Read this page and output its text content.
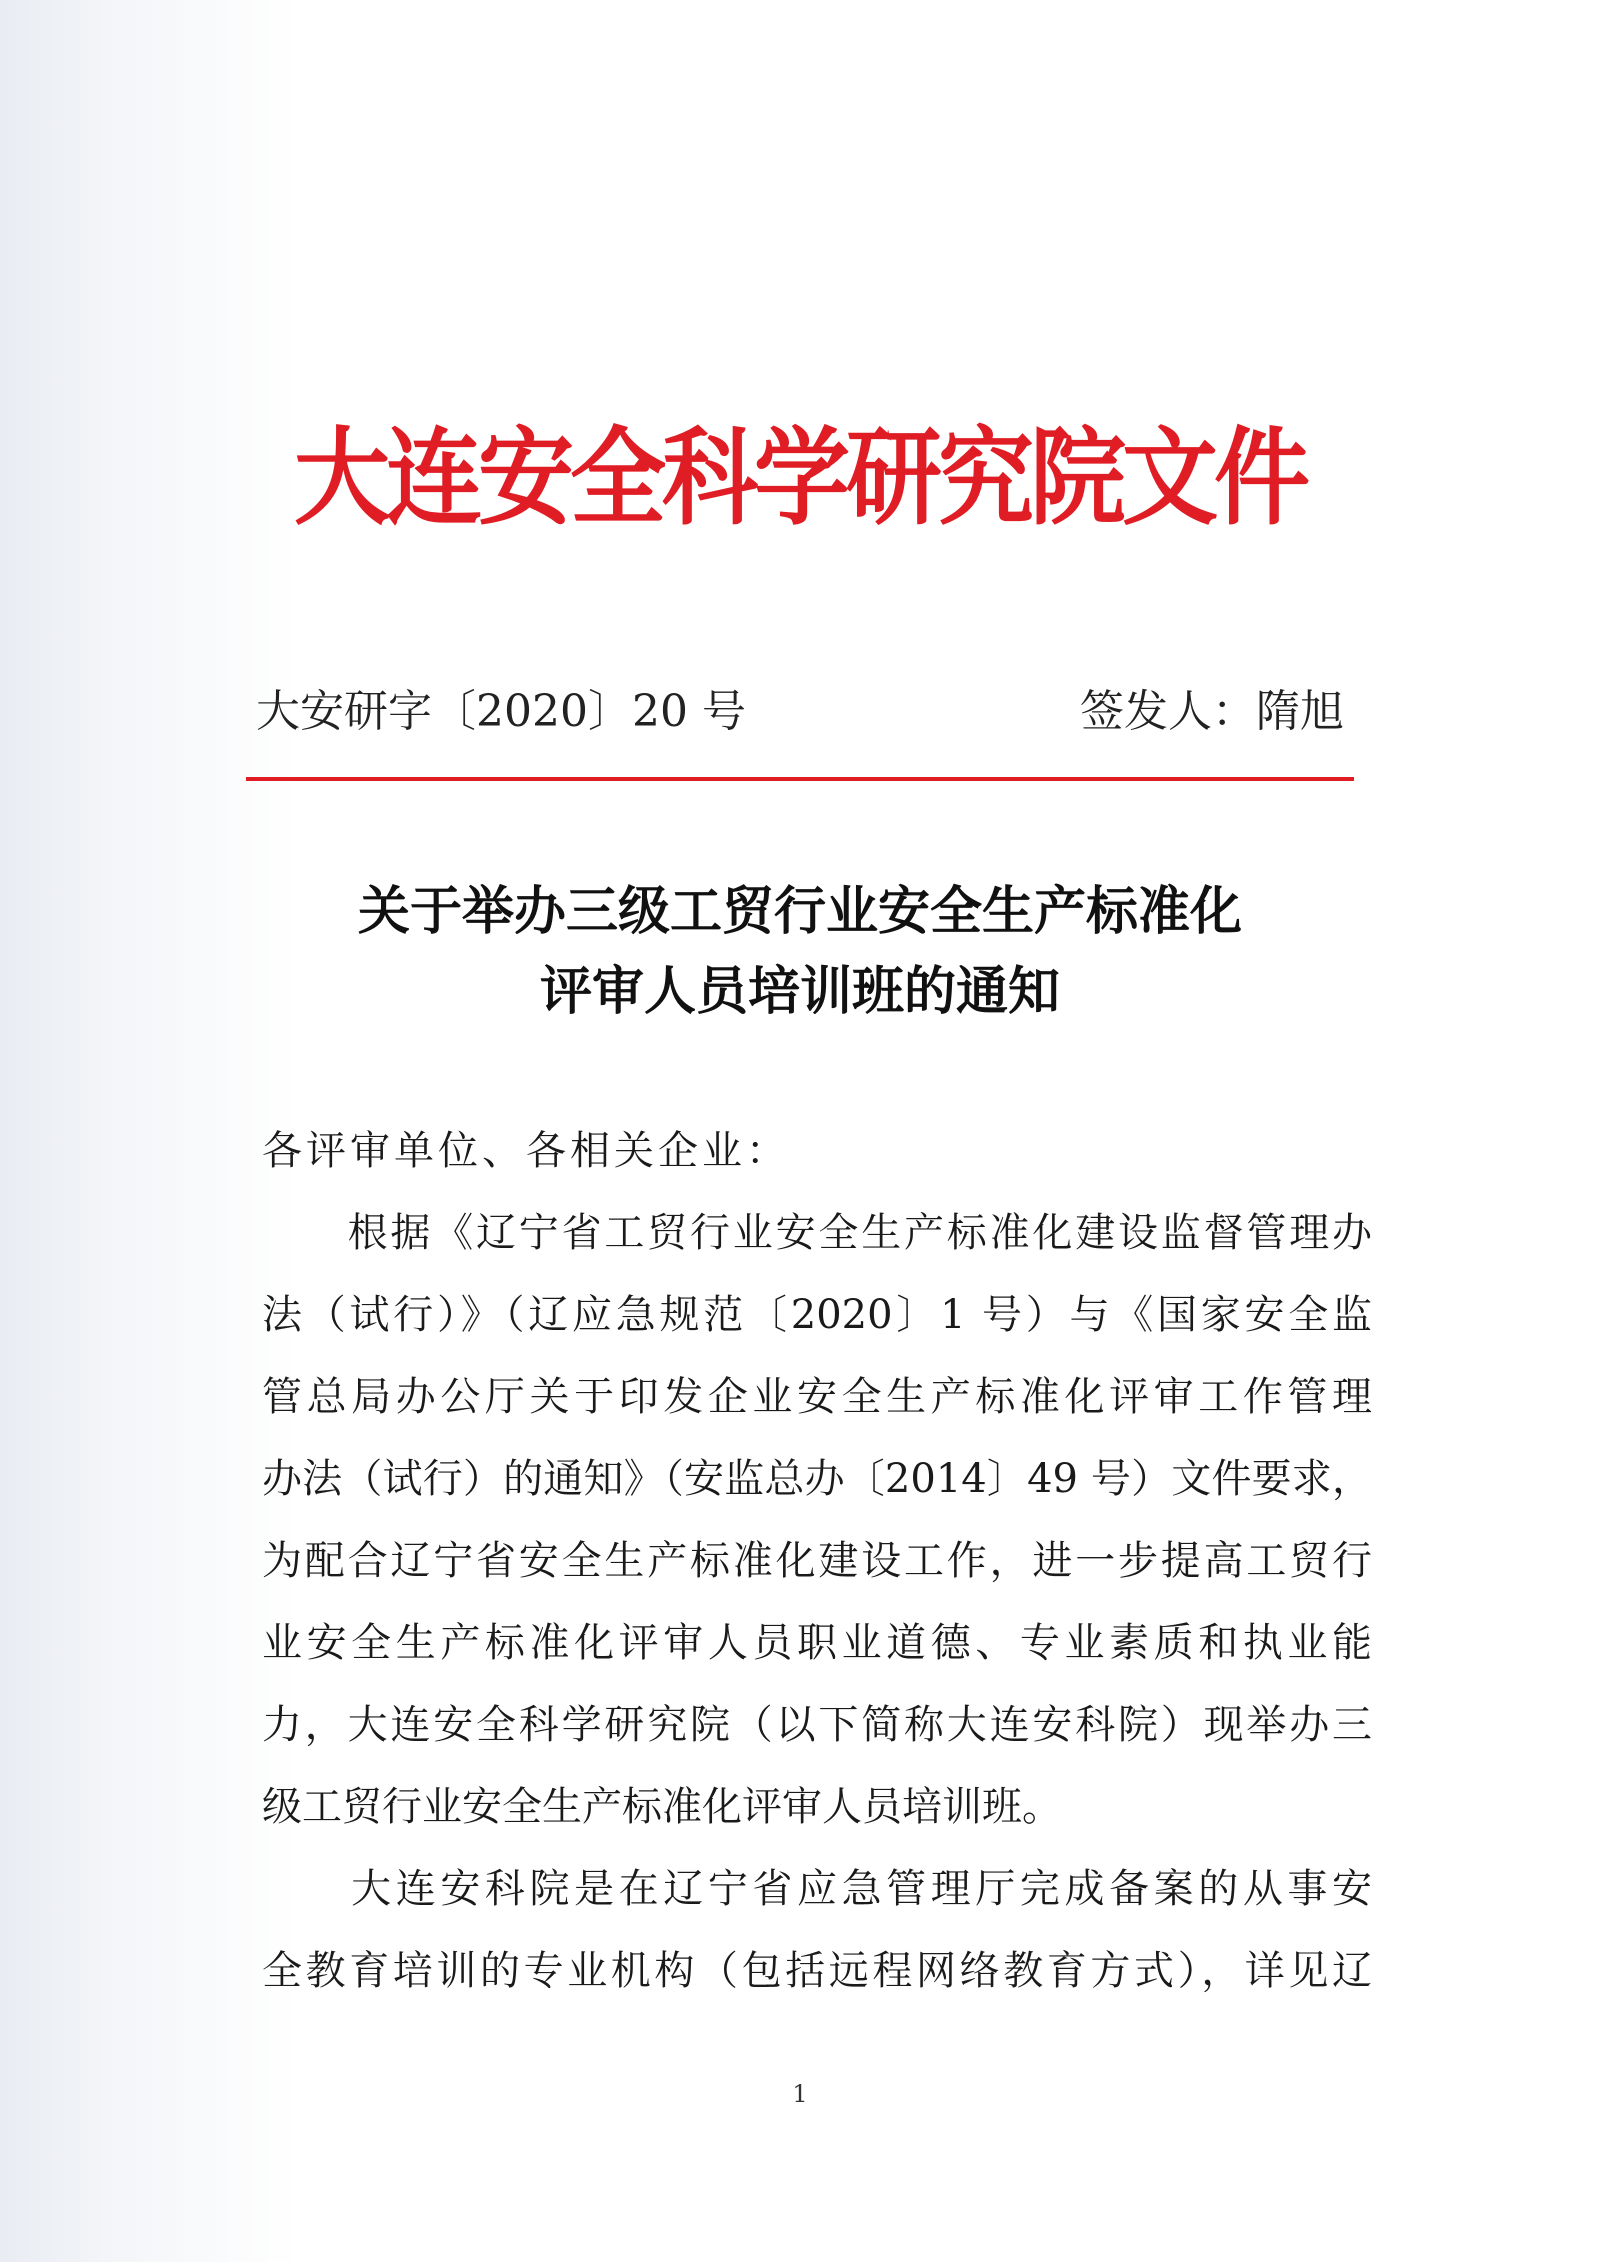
大连安全科学研究院文件
大安研字〔2020〕20 号	签发人：隋旭
关于举办三级工贸行业安全生产标准化
评审人员培训班的通知
各评审单位、各相关企业：
　　根据《辽宁省工贸行业安全生产标准化建设监督管理办
法（试行）》（辽应急规范〔2020〕1 号）与《国家安全监
管总局办公厅关于印发企业安全生产标准化评审工作管理
办法（试行）的通知》（安监总办〔2014〕49 号）文件要求，
为配合辽宁省安全生产标准化建设工作，进一步提高工贸行
业安全生产标准化评审人员职业道德、专业素质和执业能
力，大连安全科学研究院（以下简称大连安科院）现举办三
级工贸行业安全生产标准化评审人员培训班。
　　大连安科院是在辽宁省应急管理厅完成备案的从事安
全教育培训的专业机构（包括远程网络教育方式），详见辽
1
